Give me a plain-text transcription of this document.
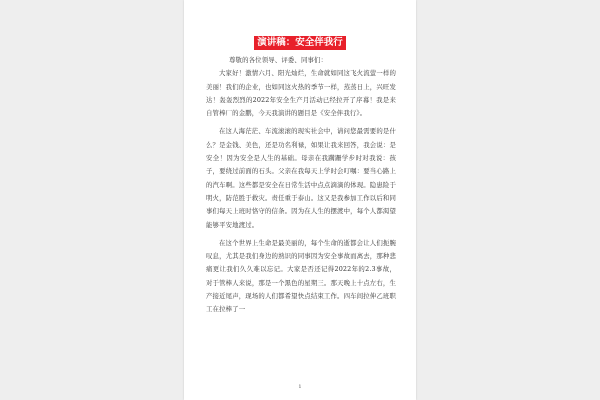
演讲稿：安全伴我行

尊敬的各位领导、评委、同事们：

大家好！激情六月、阳光灿烂，生命就如同这飞火流萤一样的美丽！我们的企业，也如同这火热的季节一样，蒸蒸日上，兴旺发达！轰轰烈烈的2022年安全生产月活动已经拉开了序幕！我是来自管棒厂的金鹏，今天我演讲的题目是《安全伴我行》。

在这人海茫茫、车流滚滚的现实社会中，请问您最需要的是什么？是金钱、美色，还是功名利禄，如果让我来回答，我会说：是安全！因为安全是人生的基础。母亲在我蹒跚学步时对我说：孩子，要绕过前面的石头。父亲在我每天上学时会叮嘱：要当心路上的汽车啊。这些都是安全在日常生活中点点滴滴的体现。隐患险于明火，防范胜于救灾。责任重于泰山。这又是我参加工作以后和同事们每天上班时恪守的信条。因为在人生的摆渡中，每个人都渴望能够平安地渡过。

在这个世界上生命是最美丽的，每个生命的逝都会让人们扼腕叹息，尤其是我们身边的熟识的同事因为安全事故而离去，那种悲痛更让我们久久难以忘记。大家是否还记得2022年的2.3事故，对于管棒人来说，那是一个黑色的星期三。那天晚上十点左右，生产接近尾声，现场的人们都希望快点结束工作。四车间拉伸乙班职工在拉棒了一

1
